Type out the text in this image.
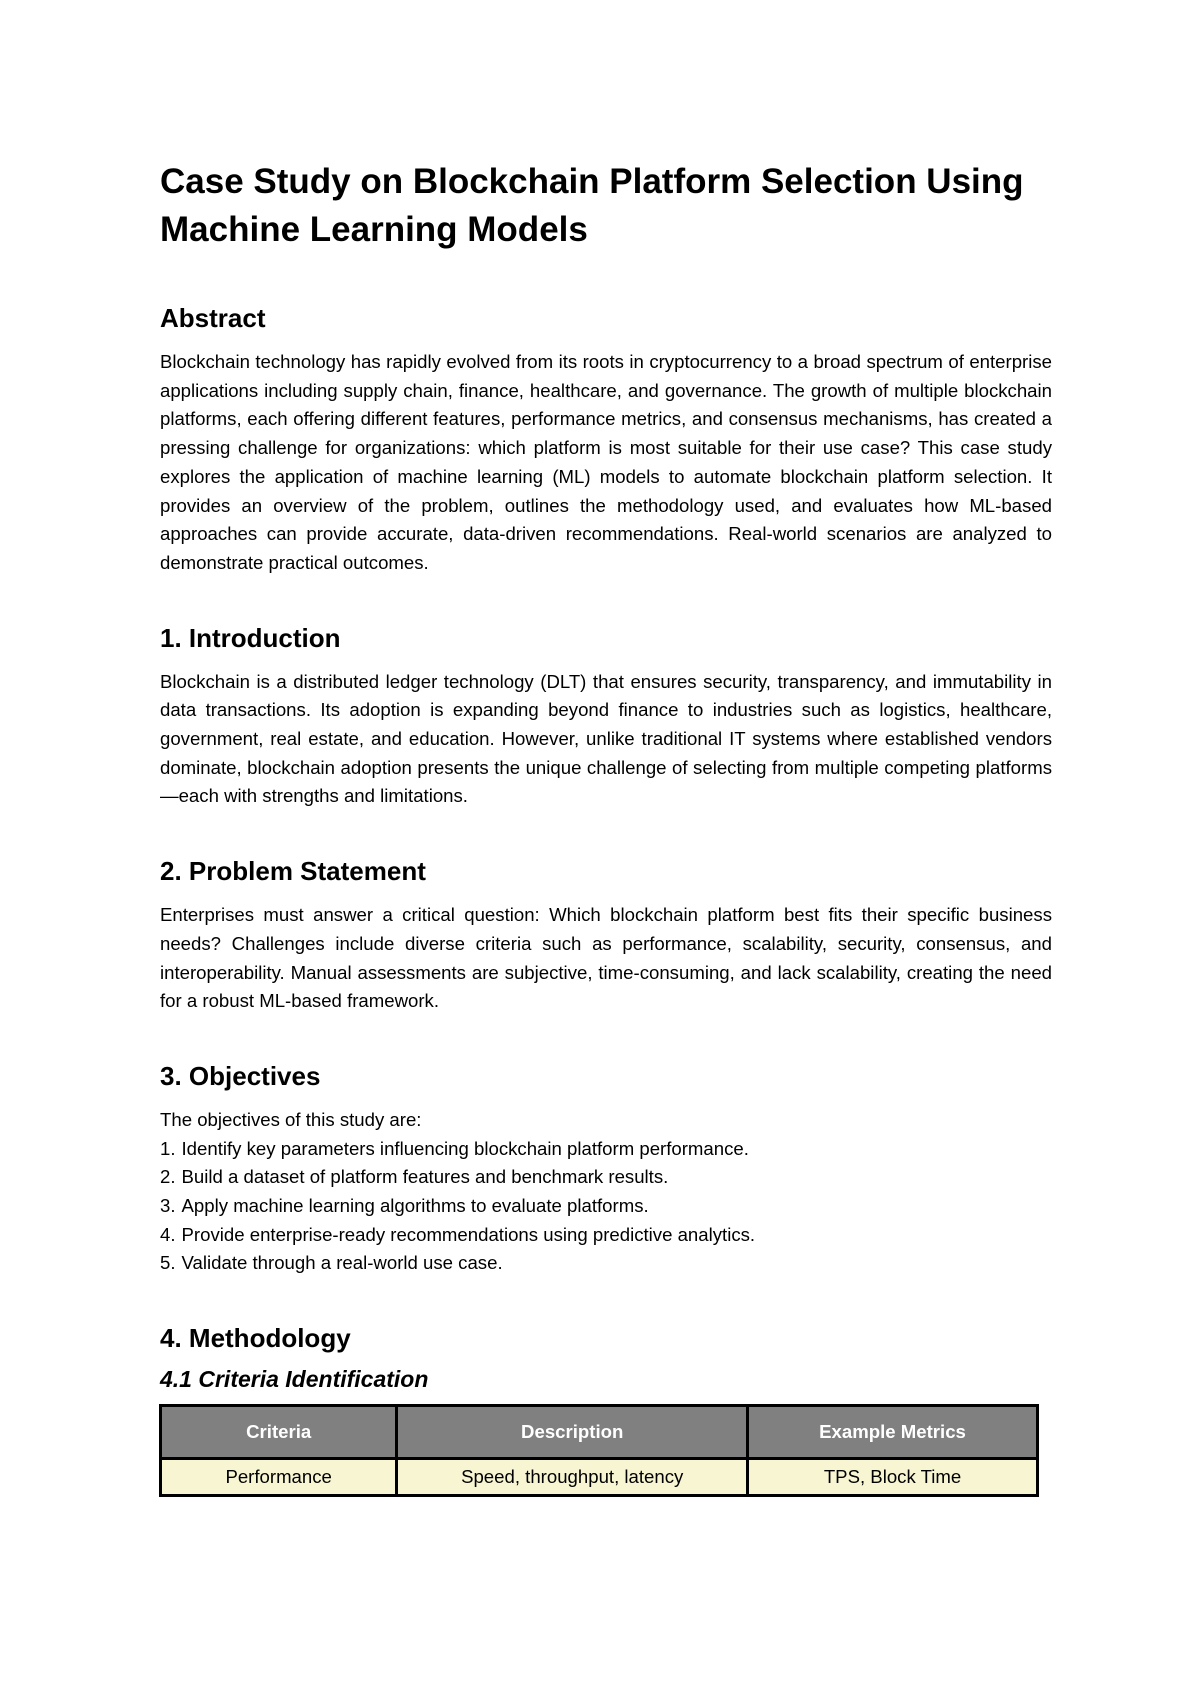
Case Study on Blockchain Platform Selection Using Machine Learning Models
Abstract

Blockchain technology has rapidly evolved from its roots in cryptocurrency to a broad spectrum of enterprise applications including supply chain, finance, healthcare, and governance. The growth of multiple blockchain platforms, each offering different features, performance metrics, and consensus mechanisms, has created a pressing challenge for organizations: which platform is most suitable for their use case? This case study explores the application of machine learning (ML) models to automate blockchain platform selection. It provides an overview of the problem, outlines the methodology used, and evaluates how ML-based approaches can provide accurate, data-driven recommendations. Real-world scenarios are analyzed to demonstrate practical outcomes.

1. Introduction

Blockchain is a distributed ledger technology (DLT) that ensures security, transparency, and immutability in data transactions. Its adoption is expanding beyond finance to industries such as logistics, healthcare, government, real estate, and education. However, unlike traditional IT systems where established vendors dominate, blockchain adoption presents the unique challenge of selecting from multiple competing platforms—each with strengths and limitations.

2. Problem Statement

Enterprises must answer a critical question: Which blockchain platform best fits their specific business needs? Challenges include diverse criteria such as performance, scalability, security, consensus, and interoperability. Manual assessments are subjective, time-consuming, and lack scalability, creating the need for a robust ML-based framework.

3. Objectives

The objectives of this study are:

1. Identify key parameters influencing blockchain platform performance.
2. Build a dataset of platform features and benchmark results.
3. Apply machine learning algorithms to evaluate platforms.
4. Provide enterprise-ready recommendations using predictive analytics.
5. Validate through a real-world use case.
4. Methodology
4.1 Criteria Identification
Criteria	Description	Example Metrics
Performance	Speed, throughput, latency	TPS, Block Time
